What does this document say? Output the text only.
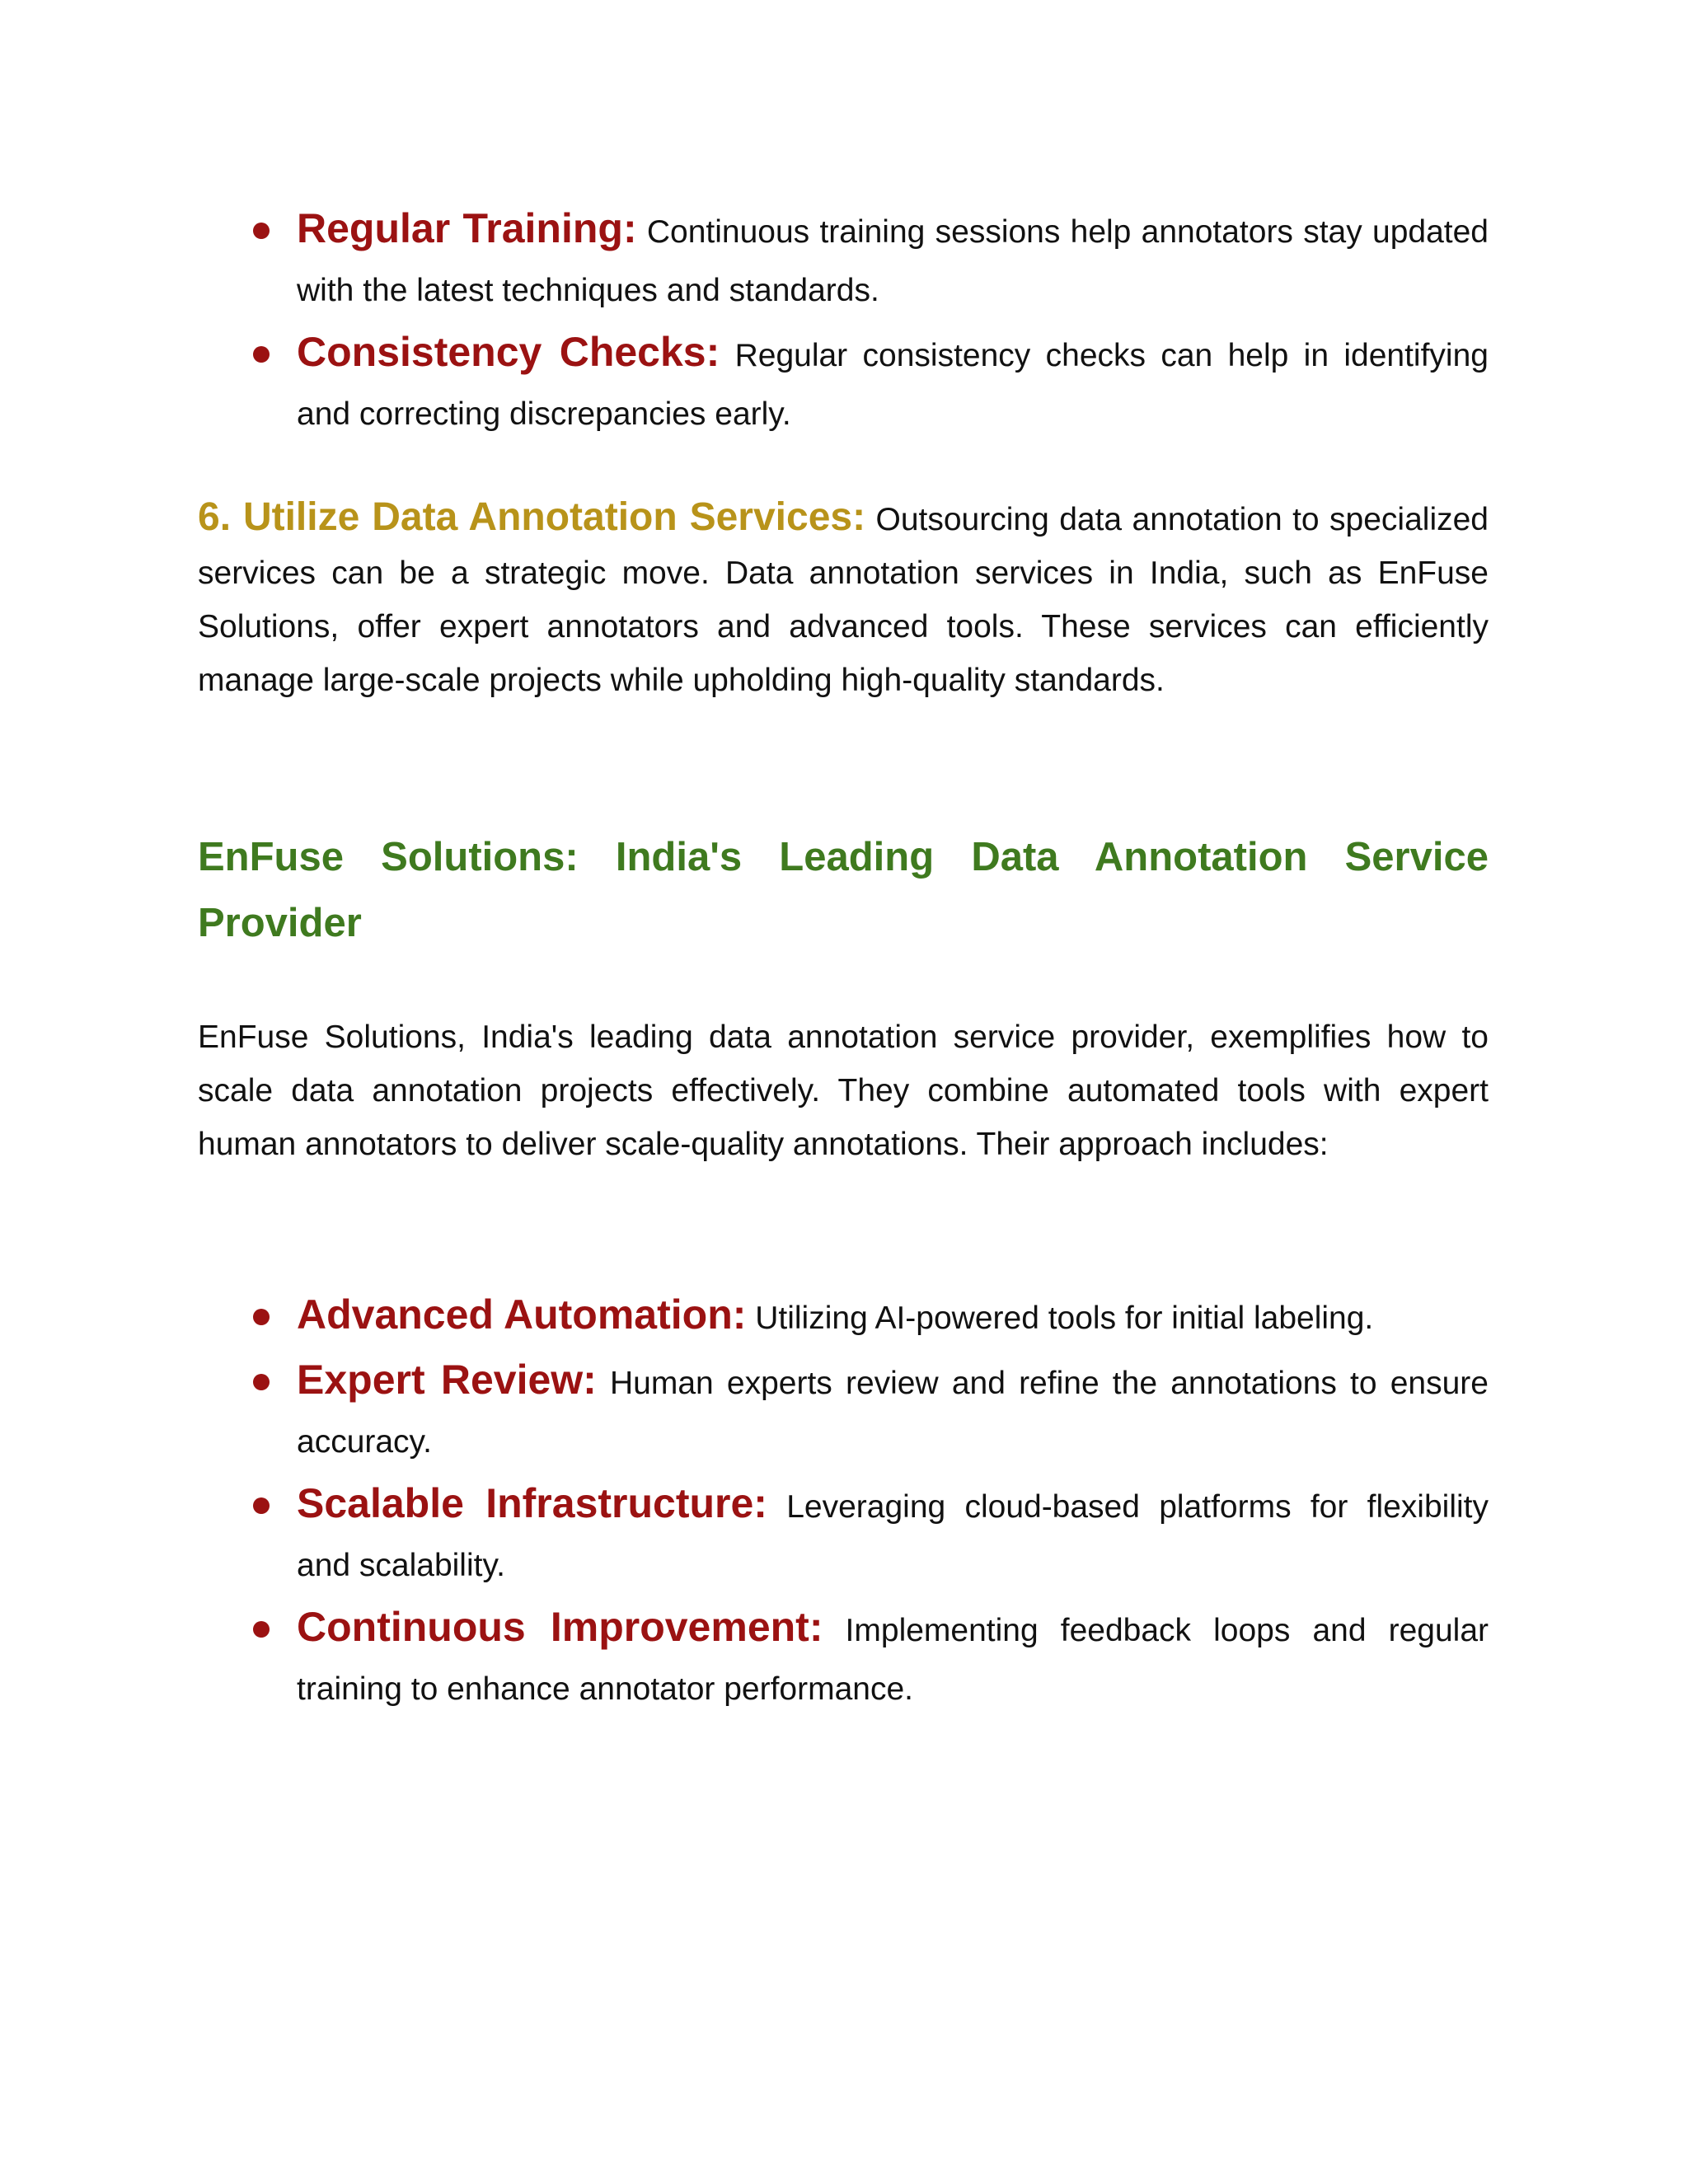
Regular Training: Continuous training sessions help annotators stay updated with the latest techniques and standards.
Consistency Checks: Regular consistency checks can help in identifying and correcting discrepancies early.

6. Utilize Data Annotation Services: Outsourcing data annotation to specialized services can be a strategic move. Data annotation services in India, such as EnFuse Solutions, offer expert annotators and advanced tools. These services can efficiently manage large-scale projects while upholding high-quality standards.

EnFuse Solutions: India's Leading Data Annotation Service Provider

EnFuse Solutions, India's leading data annotation service provider, exemplifies how to scale data annotation projects effectively. They combine automated tools with expert human annotators to deliver scale-quality annotations. Their approach includes:

Advanced Automation: Utilizing AI-powered tools for initial labeling.
Expert Review: Human experts review and refine the annotations to ensure accuracy.
Scalable Infrastructure: Leveraging cloud-based platforms for flexibility and scalability.
Continuous Improvement: Implementing feedback loops and regular training to enhance annotator performance.
